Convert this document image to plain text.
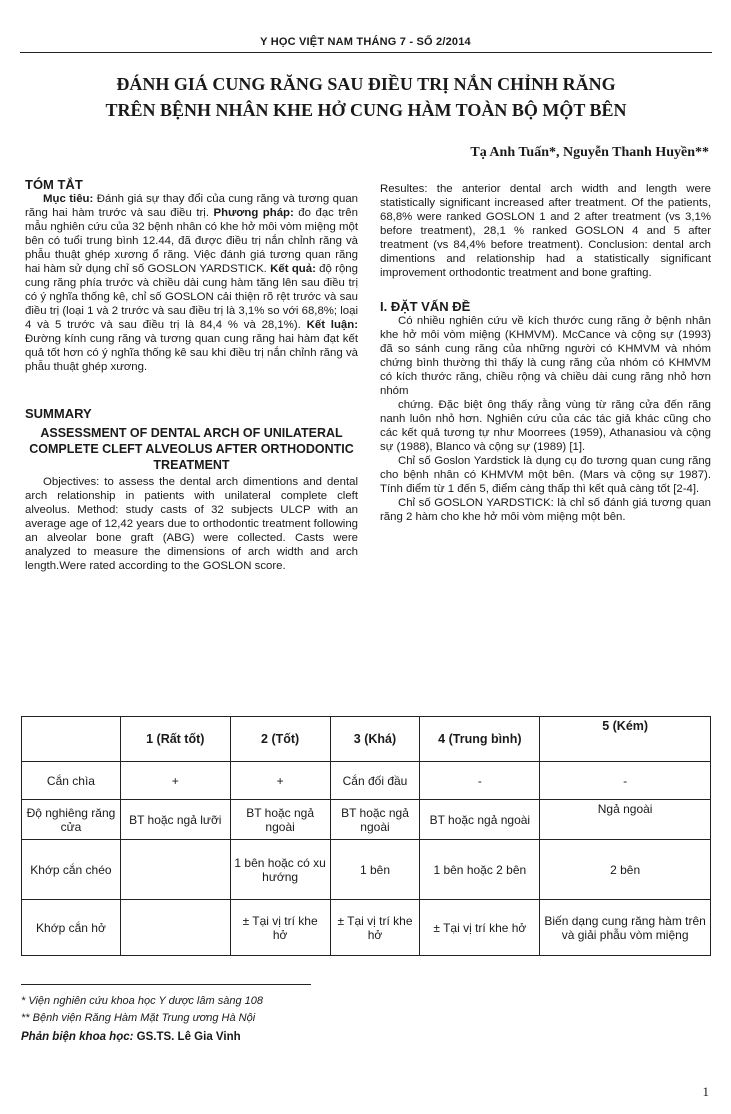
Y HỌC VIỆT NAM THÁNG 7 - SỐ 2/2014
ĐÁNH GIÁ CUNG RĂNG SAU ĐIỀU TRỊ NẮN CHỈNH RĂNG
TRÊN BỆNH NHÂN KHE HỞ CUNG HÀM TOÀN BỘ MỘT BÊN
Tạ Anh Tuấn*, Nguyễn Thanh Huyền**

TÓM TẮT

Mục tiêu: Đánh giá sự thay đổi của cung răng và tương quan răng hai hàm trước và sau điều trị. Phương pháp: đo đạc trên mẫu nghiên cứu của 32 bệnh nhân có khe hở môi vòm miệng một bên có tuổi trung bình 12.44, đã được điều trị nắn chỉnh răng và phẫu thuật ghép xương ổ răng. Việc đánh giá tương quan răng hai hàm sử dụng chỉ số GOSLON YARDSTICK. Kết quả: độ rộng cung răng phía trước và chiều dài cung hàm tăng lên sau điều trị có ý nghĩa thống kê, chỉ số GOSLON cải thiện rõ rệt trước và sau điều trị (loại 1 và 2 trước và sau điều trị là 3,1% so với 68,8%; loại 4 và 5 trước và sau điều trị là 84,4 % và 28,1%). Kết luận: Đường kính cung răng và tương quan cung răng hai hàm đạt kết quả tốt hơn có ý nghĩa thống kê sau khi điều trị nắn chỉnh răng và phẫu thuật ghép xương.

SUMMARY

ASSESSMENT OF DENTAL ARCH OF UNILATERAL COMPLETE CLEFT ALVEOLUS AFTER ORTHODONTIC TREATMENT

Objectives: to assess the dental arch dimentions and dental arch relationship in patients with unilateral complete cleft alveolus. Method: study casts of 32 subjects ULCP with an average age of 12,42 years due to orthodontic treatment following an alveolar bone graft (ABG) were collected. Casts were analyzed to measure the dimensions of arch width and arch length.Were rated according to the GOSLON score.

Resultes: the anterior dental arch width and length were statistically significant increased after treatment. Of the patients, 68,8% were ranked GOSLON 1 and 2 after treatment (vs 3,1% before treatment), 28,1 % ranked GOSLON 4 and 5 after treatment (vs 84,4% before treatment). Conclusion: dental arch dimentions and relationship had a statistically significant improvement orthodontic treatment and bone grafting.

I. ĐẶT VẤN ĐỀ

Có nhiều nghiên cứu về kích thước cung răng ở bệnh nhân khe hở môi vòm miệng (KHMVM). McCance và cộng sự (1993) đã so sánh cung răng của những người có KHMVM và nhóm chứng bình thường thì thấy là cung răng của nhóm có KHMVM có kích thước răng, chiều rộng và chiều dài cung răng nhỏ hơn nhóm

chứng. Đặc biệt ông thấy rằng vùng từ răng cửa đến răng nanh luôn nhỏ hơn. Nghiên cứu của các tác giả khác cũng cho các kết quả tương tự như Moorrees (1959), Athanasiou và cộng sự (1988), Blanco và cộng sự (1989) [1].

Chỉ số Goslon Yardstick là dụng cụ đo tương quan cung răng cho bệnh nhân có KHMVM một bên. (Mars và cộng sự 1987). Tính điểm từ 1 đến 5, điểm càng thấp thì kết quả càng tốt [2-4].

Chỉ số GOSLON YARDSTICK: là chỉ số đánh giá tương quan răng 2 hàm cho khe hở môi vòm miệng một bên.

	1 (Rất tốt)	2 (Tốt)	3 (Khá)	4 (Trung bình)	5 (Kém)
Cắn chìa	+	+	Cắn đối đầu	-	-
Độ nghiêng răng cửa	BT hoặc ngả lưỡi	BT hoặc ngả ngoài	BT hoặc ngả ngoài	BT hoặc ngả ngoài	Ngả ngoài
Khớp cắn chéo		1 bên hoặc có xu hướng	1 bên	1 bên hoặc 2 bên	2 bên
Khớp cắn hở		± Tại vị trí khe hở	± Tại vị trí khe hở	± Tại vị trí khe hở	Biến dạng cung răng hàm trên và giải phẫu vòm miệng
* Viện nghiên cứu khoa học Y dược lâm sàng 108
** Bệnh viện Răng Hàm Mặt Trung ương Hà Nội
Phản biện khoa học: GS.TS. Lê Gia Vinh
1
